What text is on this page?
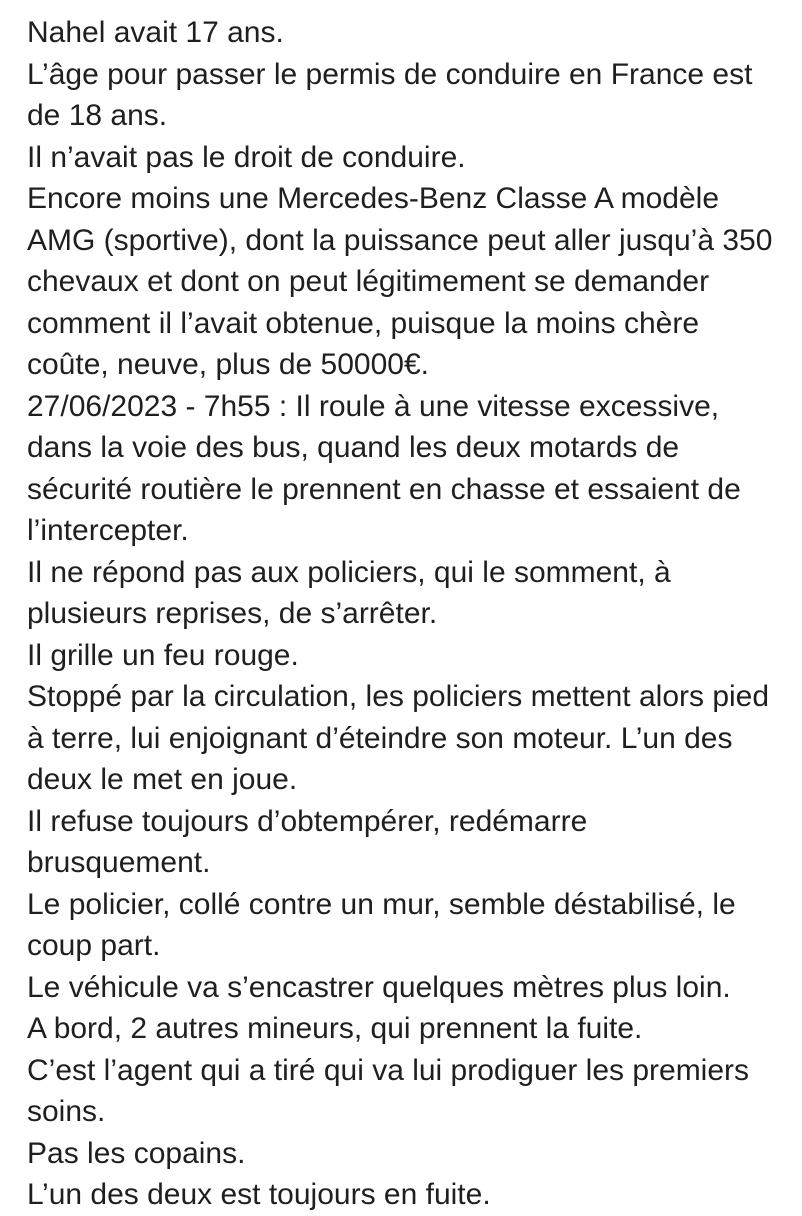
Nahel avait 17 ans.
L’âge pour passer le permis de conduire en France est de 18 ans.
Il n’avait pas le droit de conduire.
Encore moins une Mercedes-Benz Classe A modèle AMG (sportive), dont la puissance peut aller jusqu’à 350 chevaux et dont on peut légitimement se demander comment il l’avait obtenue, puisque la moins chère coûte, neuve, plus de 50000€.
27/06/2023 - 7h55 : Il roule à une vitesse excessive, dans la voie des bus, quand les deux motards de sécurité routière le prennent en chasse et essaient de l’intercepter.
Il ne répond pas aux policiers, qui le somment, à plusieurs reprises, de s’arrêter.
Il grille un feu rouge.
Stoppé par la circulation, les policiers mettent alors pied à terre, lui enjoignant d’éteindre son moteur. L’un des deux le met en joue.
Il refuse toujours d’obtempérer, redémarre brusquement.
Le policier, collé contre un mur, semble déstabilisé, le coup part.
Le véhicule va s’encastrer quelques mètres plus loin.
A bord, 2 autres mineurs, qui prennent la fuite.
C’est l’agent qui a tiré qui va lui prodiguer les premiers soins.
Pas les copains.
L’un des deux est toujours en fuite.
